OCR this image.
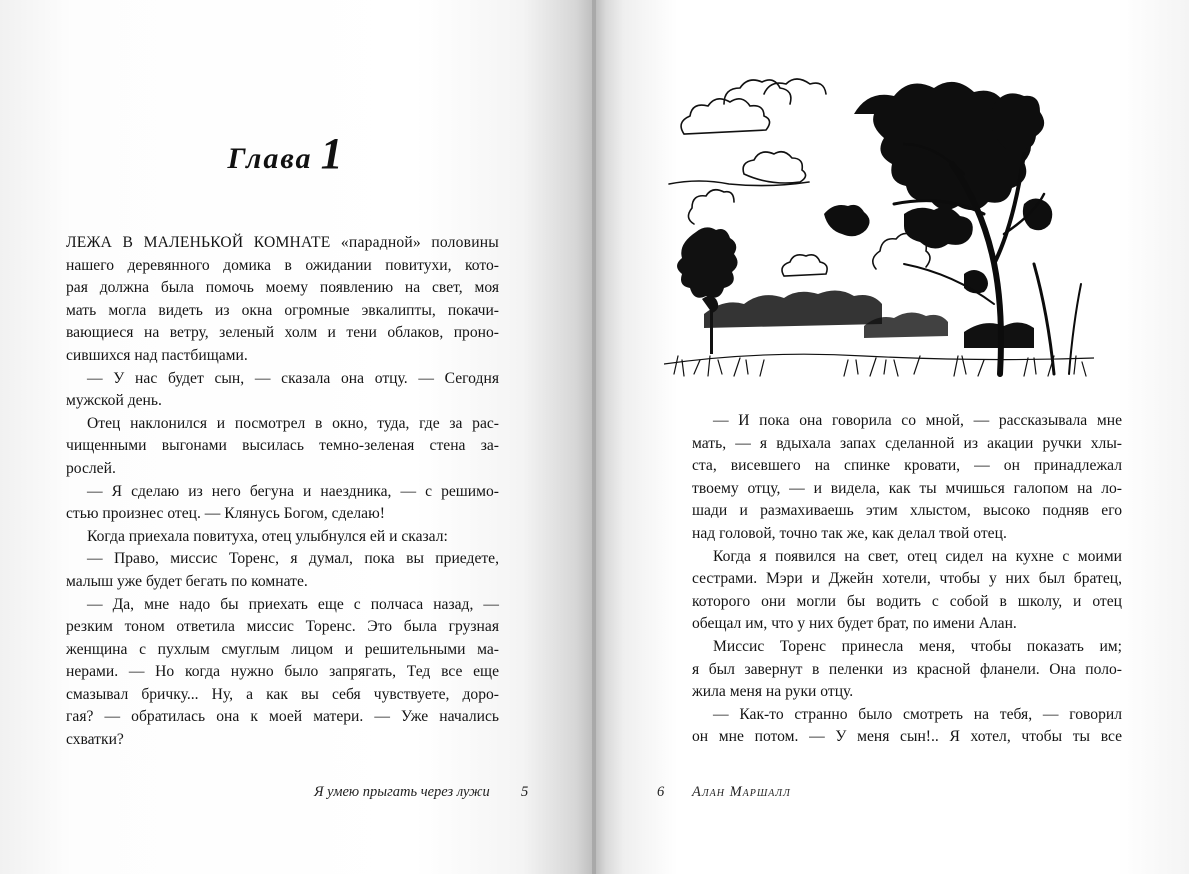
Глава 1
ЛЕЖА В МАЛЕНЬКОЙ КОМНАТЕ «парадной» половины
нашего деревянного домика в ожидании повитухи, кото-
рая должна была помочь моему появлению на свет, моя
мать могла видеть из окна огромные эвкалипты, покачи-
вающиеся на ветру, зеленый холм и тени облаков, проно-
сившихся над пастбищами.
— У нас будет сын, — сказала она отцу. — Сегодня
мужской день.
Отец наклонился и посмотрел в окно, туда, где за рас-
чищенными выгонами высилась темно-зеленая стена за-
рослей.
— Я сделаю из него бегуна и наездника, — с решимо-
стью произнес отец. — Клянусь Богом, сделаю!
Когда приехала повитуха, отец улыбнулся ей и сказал:
— Право, миссис Торенс, я думал, пока вы приедете,
малыш уже будет бегать по комнате.
— Да, мне надо бы приехать еще с полчаса назад, —
резким тоном ответила миссис Торенс. Это была грузная
женщина с пухлым смуглым лицом и решительными ма-
нерами. — Но когда нужно было запрягать, Тед все еще
смазывал бричку... Ну, а как вы себя чувствуете, доро-
гая? — обратилась она к моей матери. — Уже начались
схватки?
Я умею прыгать через лужи 5
— И пока она говорила со мной, — рассказывала мне
мать, — я вдыхала запах сделанной из акации ручки хлы-
ста, висевшего на спинке кровати, — он принадлежал
твоему отцу, — и видела, как ты мчишься галопом на ло-
шади и размахиваешь этим хлыстом, высоко подняв его
над головой, точно так же, как делал твой отец.
Когда я появился на свет, отец сидел на кухне с моими
сестрами. Мэри и Джейн хотели, чтобы у них был братец,
которого они могли бы водить с собой в школу, и отец
обещал им, что у них будет брат, по имени Алан.
Миссис Торенс принесла меня, чтобы показать им;
я был завернут в пеленки из красной фланели. Она поло-
жила меня на руки отцу.
— Как-то странно было смотреть на тебя, — говорил
он мне потом. — У меня сын!.. Я хотел, чтобы ты все
6 Алан Маршалл
